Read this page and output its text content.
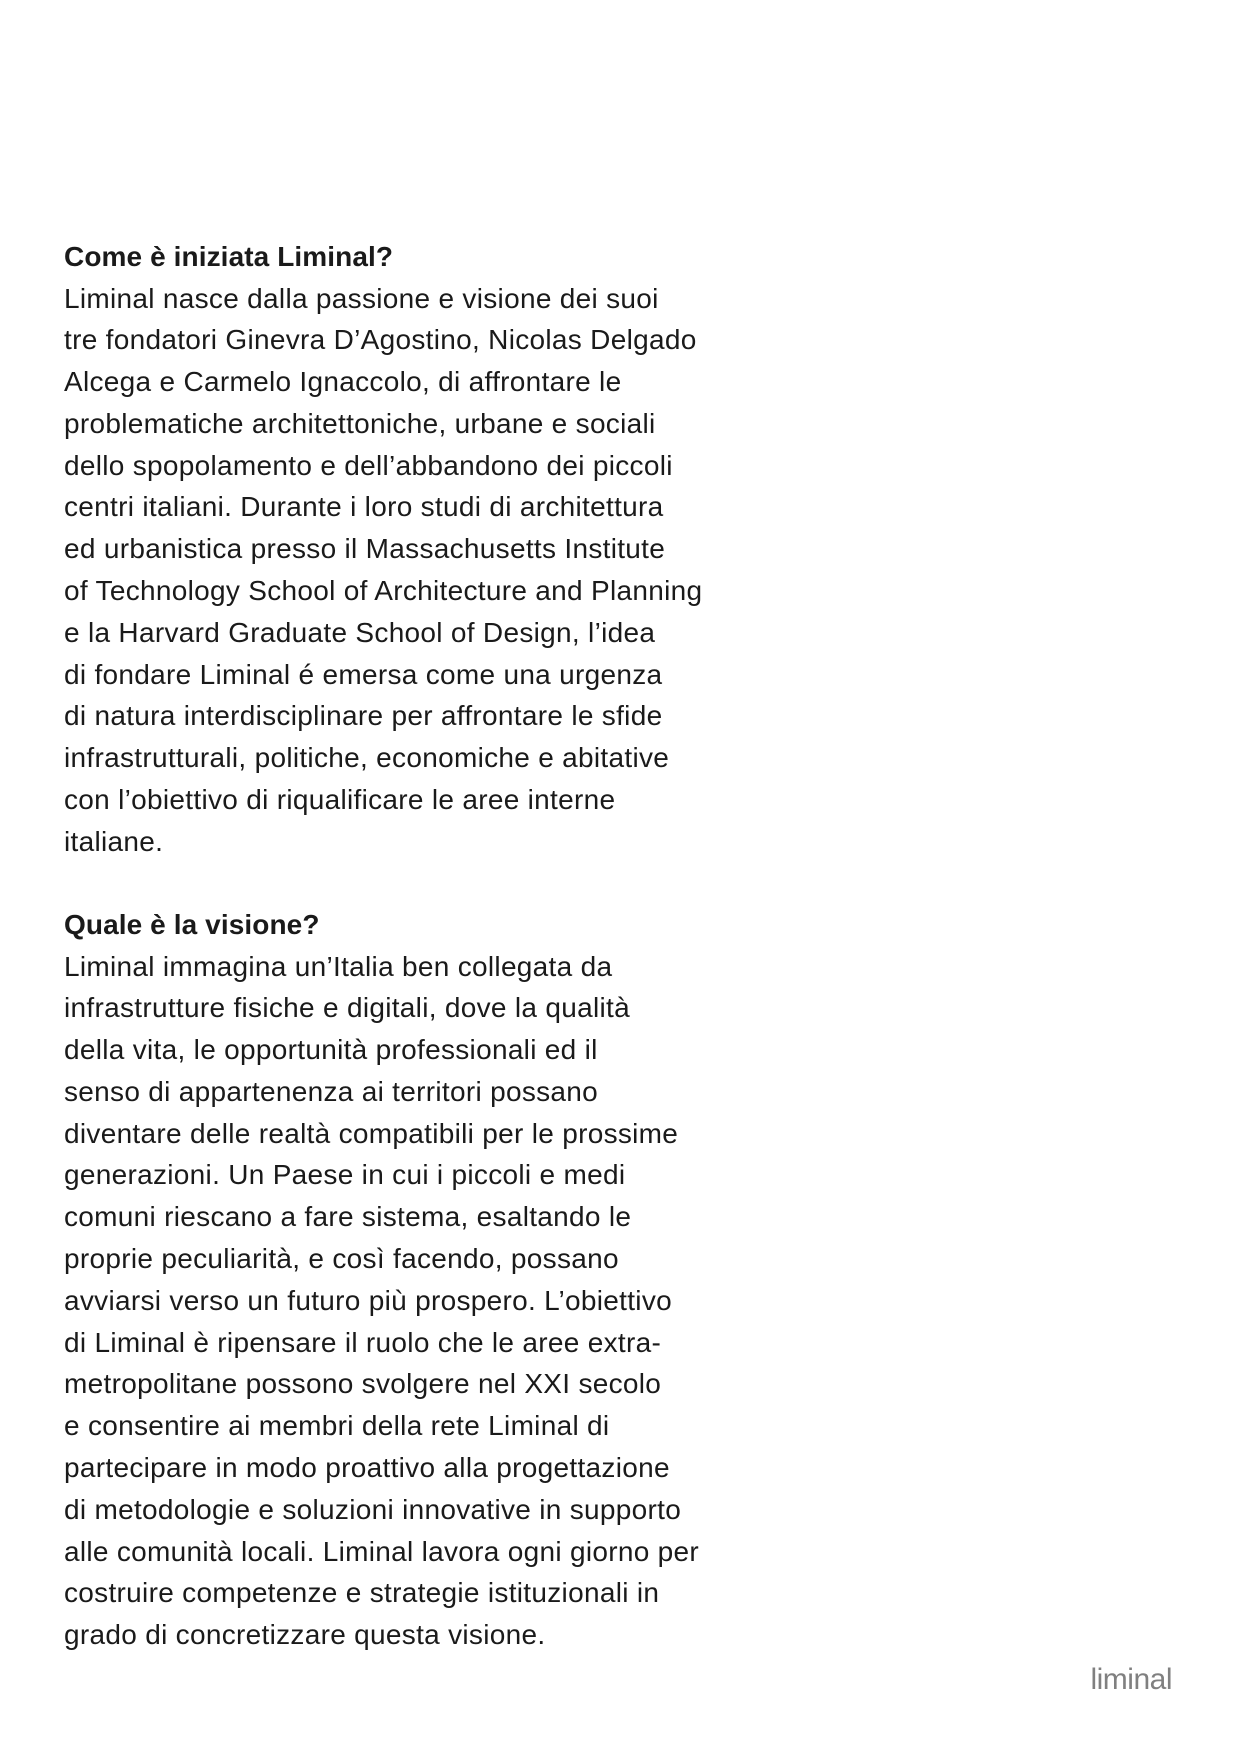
Come è iniziata Liminal?

Liminal nasce dalla passione e visione dei suoi
tre fondatori Ginevra D’Agostino, Nicolas Delgado
Alcega e Carmelo Ignaccolo, di affrontare le
problematiche architettoniche, urbane e sociali
dello spopolamento e dell’abbandono dei piccoli
centri italiani. Durante i loro studi di architettura
ed urbanistica presso il Massachusetts Institute
of Technology School of Architecture and Planning
e la Harvard Graduate School of Design, l’idea
di fondare Liminal é emersa come una urgenza
di natura interdisciplinare per affrontare le sfide
infrastrutturali, politiche, economiche e abitative
con l’obiettivo di riqualificare le aree interne
italiane.

Quale è la visione?

Liminal immagina un’Italia ben collegata da
infrastrutture fisiche e digitali, dove la qualità
della vita, le opportunità professionali ed il
senso di appartenenza ai territori possano
diventare delle realtà compatibili per le prossime
generazioni. Un Paese in cui i piccoli e medi
comuni riescano a fare sistema, esaltando le
proprie peculiarità, e così facendo, possano
avviarsi verso un futuro più prospero. L’obiettivo
di Liminal è ripensare il ruolo che le aree extra-
metropolitane possono svolgere nel XXI secolo
e consentire ai membri della rete Liminal di
partecipare in modo proattivo alla progettazione
di metodologie e soluzioni innovative in supporto
alle comunità locali. Liminal lavora ogni giorno per
costruire competenze e strategie istituzionali in
grado di concretizzare questa visione.

liminal
